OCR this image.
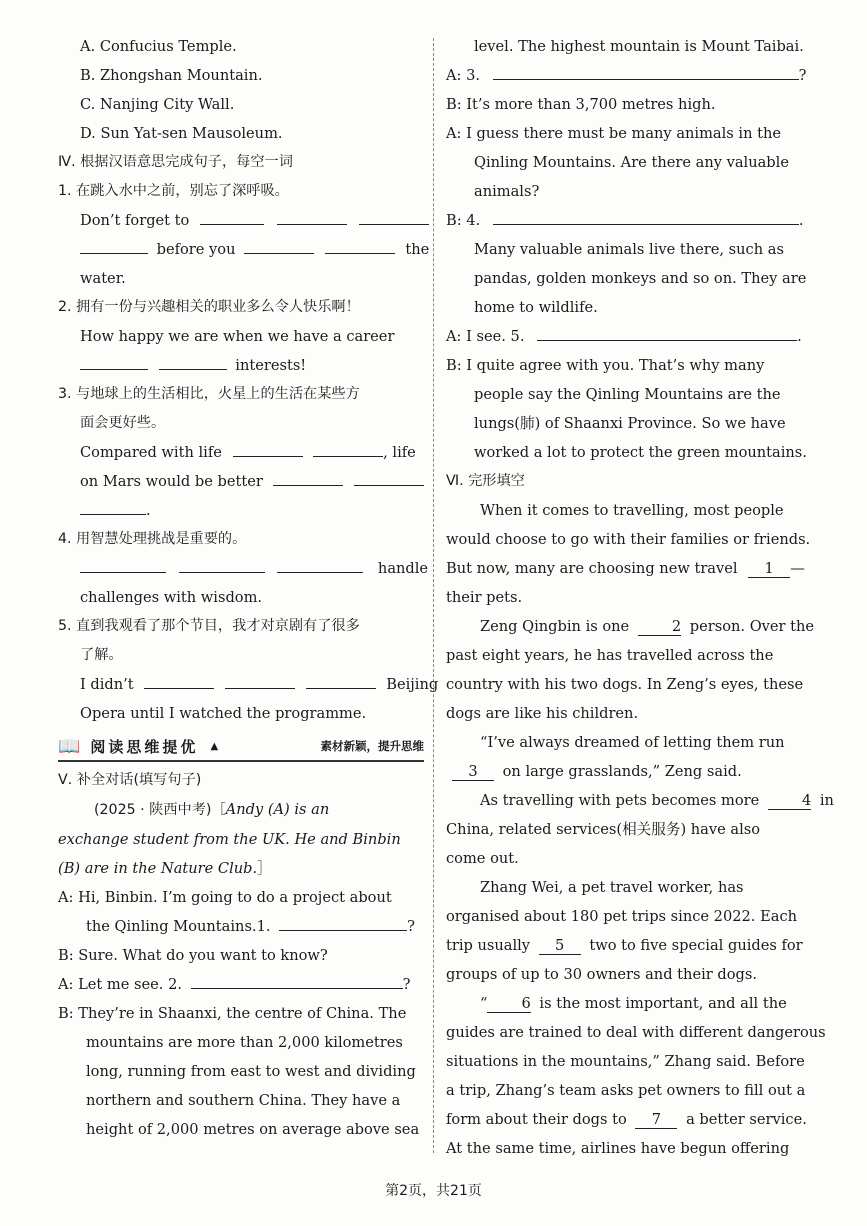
A. Confucius Temple.
B. Zhongshan Mountain.
C. Nanjing City Wall.
D. Sun Yat-sen Mausoleum.
Ⅳ. 根据汉语意思完成句子，每空一词
1. 在跳入水中之前，别忘了深呼吸。
Don’t forget to
before you	the
water.
2. 拥有一份与兴趣相关的职业多么令人快乐啊！
How happy we are when we have a career
interests!
3. 与地球上的生活相比，火星上的生活在某些方
面会更好些。
Compared with life	, life
on Mars would be better
.
4. 用智慧处理挑战是重要的。
handle
challenges with wisdom.
5. 直到我观看了那个节目，我才对京剧有了很多
了解。
I didn’t	Beijing
Opera until I watched the programme.
📖 阅读思维提优 ▲	素材新颖，提升思维
Ⅴ. 补全对话(填写句子)
(2025 · 陕西中考)［Andy (A) is an
exchange student from the UK. He and Binbin
(B) are in the Nature Club.］
A: Hi, Binbin. I’m going to do a project about
the Qinling Mountains.1.	?
B: Sure. What do you want to know?
A: Let me see. 2.	?
B: They’re in Shaanxi, the centre of China. The
mountains are more than 2,000 kilometres
long, running from east to west and dividing
northern and southern China. They have a
height of 2,000 metres on average above sea
level. The highest mountain is Mount Taibai.
A: 3.	?
B: It’s more than 3,700 metres high.
A: I guess there must be many animals in the
Qinling Mountains. Are there any valuable
animals?
B: 4.	.
Many valuable animals live there, such as
pandas, golden monkeys and so on. They are
home to wildlife.
A: I see. 5.	.
B: I quite agree with you. That’s why many
people say the Qinling Mountains are the
lungs(肺) of Shaanxi Province. So we have
worked a lot to protect the green mountains.
Ⅵ. 完形填空
When it comes to travelling, most people
would choose to go with their families or friends.
But now, many are choosing new travel 1 —
their pets.
Zeng Qingbin is one	2 person. Over the
past eight years, he has travelled across the
country with his two dogs. In Zeng’s eyes, these
dogs are like his children.
“I’ve always dreamed of letting them run
3 on large grasslands,” Zeng said.
As travelling with pets becomes more	4 in
China, related services(相关服务) have also
come out.
Zhang Wei, a pet travel worker, has
organised about 180 pet trips since 2022. Each
trip usually 5 two to five special guides for
groups of up to 30 owners and their dogs.
“ 6 is the most important, and all the
guides are trained to deal with different dangerous
situations in the mountains,” Zhang said. Before
a trip, Zhang’s team asks pet owners to fill out a
form about their dogs to 7 a better service.
At the same time, airlines have begun offering
第2页，共21页
